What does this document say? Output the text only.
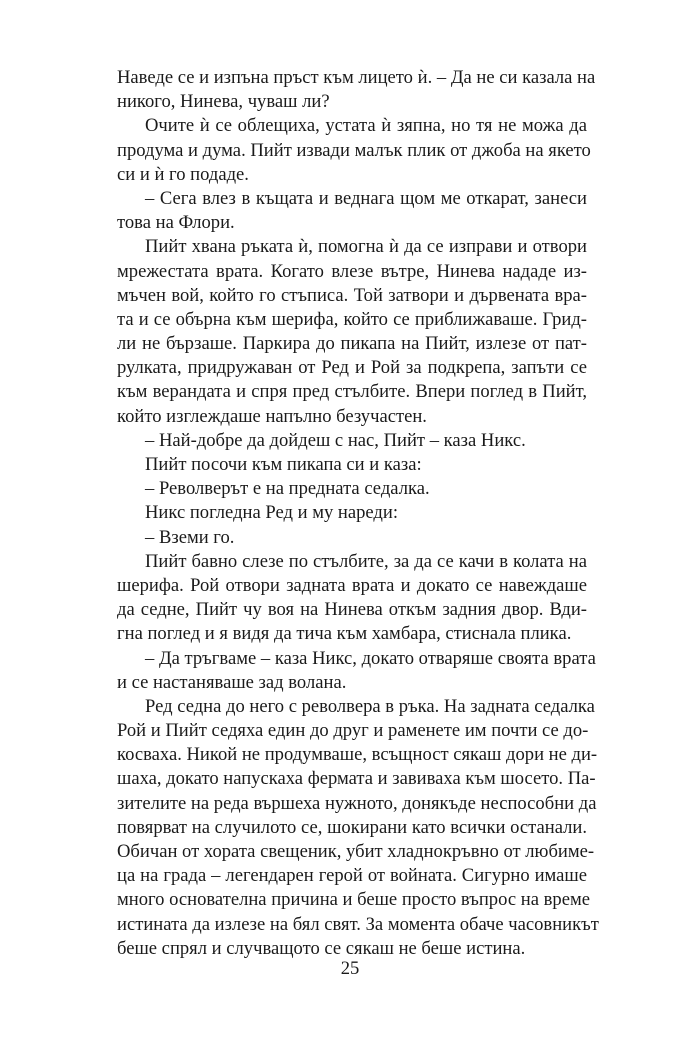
Наведе се и изпъна пръст към лицето ѝ. – Да не си казала на
никого, Нинева, чуваш ли?
Очите ѝ се облещиха, устата ѝ зяпна, но тя не можа да
продума и дума. Пийт извади малък плик от джоба на якето
си и ѝ го подаде.
– Сега влез в къщата и веднага щом ме откарат, занеси
това на Флори.
Пийт хвана ръката ѝ, помогна ѝ да се изправи и отвори
мрежестата врата. Когато влезе вътре, Нинева нададе из-
мъчен вой, който го стъписа. Той затвори и дървената вра-
та и се обърна към шерифа, който се приближаваше. Грид-
ли не бързаше. Паркира до пикапа на Пийт, излезе от пат-
рулката, придружаван от Ред и Рой за подкрепа, запъти се
към верандата и спря пред стълбите. Впери поглед в Пийт,
който изглеждаше напълно безучастен.
– Най-добре да дойдеш с нас, Пийт – каза Никс.
Пийт посочи към пикапа си и каза:
– Револверът е на предната седалка.
Никс погледна Ред и му нареди:
– Вземи го.
Пийт бавно слезе по стълбите, за да се качи в колата на
шерифа. Рой отвори задната врата и докато се навеждаше
да седне, Пийт чу воя на Нинева откъм задния двор. Вди-
гна поглед и я видя да тича към хамбара, стиснала плика.
– Да тръгваме – каза Никс, докато отваряше своята врата
и се настаняваше зад волана.
Ред седна до него с револвера в ръка. На задната седалка
Рой и Пийт седяха един до друг и раменете им почти се до-
косваха. Никой не продумваше, всъщност сякаш дори не ди-
шаха, докато напускаха фермата и завиваха към шосето. Па-
зителите на реда вършеха нужното, донякъде неспособни да
повярват на случилото се, шокирани като всички останали.
Обичан от хората свещеник, убит хладнокръвно от любиме-
ца на града – легендарен герой от войната. Сигурно имаше
много основателна причина и беше просто въпрос на време
истината да излезе на бял свят. За момента обаче часовникът
беше спрял и случващото се сякаш не беше истина.
25
